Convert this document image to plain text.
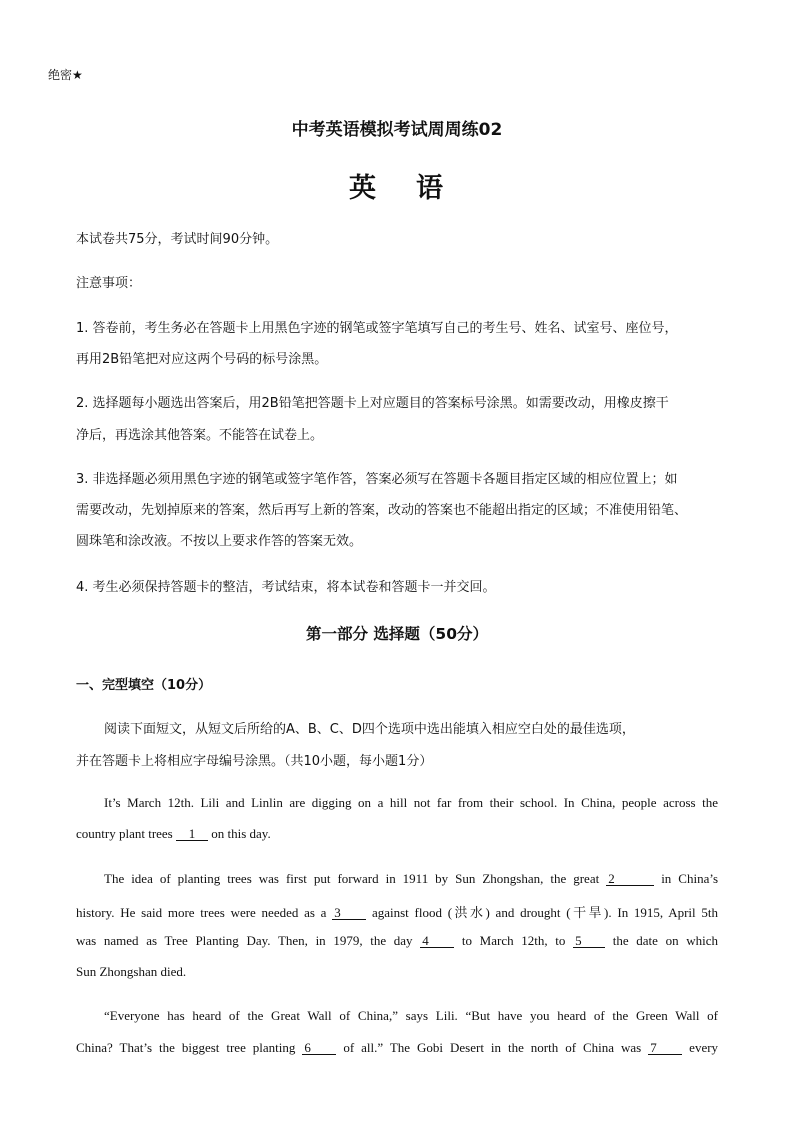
绝密★
中考英语模拟考试周周练02
英 语
本试卷共75分，考试时间90分钟。
注意事项：
1. 答卷前，考生务必在答题卡上用黑色字迹的钢笔或签字笔填写自己的考生号、姓名、试室号、座位号，
再用2B铅笔把对应这两个号码的标号涂黑。
2. 选择题每小题选出答案后，用2B铅笔把答题卡上对应题目的答案标号涂黑。如需要改动，用橡皮擦干
净后，再选涂其他答案。不能答在试卷上。
3. 非选择题必须用黑色字迹的钢笔或签字笔作答，答案必须写在答题卡各题目指定区域的相应位置上；如
需要改动，先划掉原来的答案，然后再写上新的答案，改动的答案也不能超出指定的区域；不准使用铅笔、
圆珠笔和涂改液。不按以上要求作答的答案无效。
4. 考生必须保持答题卡的整洁，考试结束，将本试卷和答题卡一并交回。
第一部分 选择题（50分）
一、完型填空（10分）
阅读下面短文，从短文后所给的A、B、C、D四个选项中选出能填入相应空白处的最佳选项，
并在答题卡上将相应字母编号涂黑。（共10小题，每小题1分）
It’s March 12th. Lili and Linlin are digging on a hill not far from their school. In China, people across the
country plant trees 1 on this day.
The idea of planting trees was first put forward in 1911 by Sun Zhongshan, the great 2	in China’s
history. He said more trees were needed as a 3 against flood (洪水) and drought (干旱). In 1915, April 5th
was named as Tree Planting Day. Then, in 1979, the day 4	to March 12th, to 5 the date on which
Sun Zhongshan died.
“Everyone has heard of the Great Wall of China,” says Lili. “But have you heard of the Green Wall of
China? That’s the biggest tree planting 6 of all.” The Gobi Desert in the north of China was 7 every
